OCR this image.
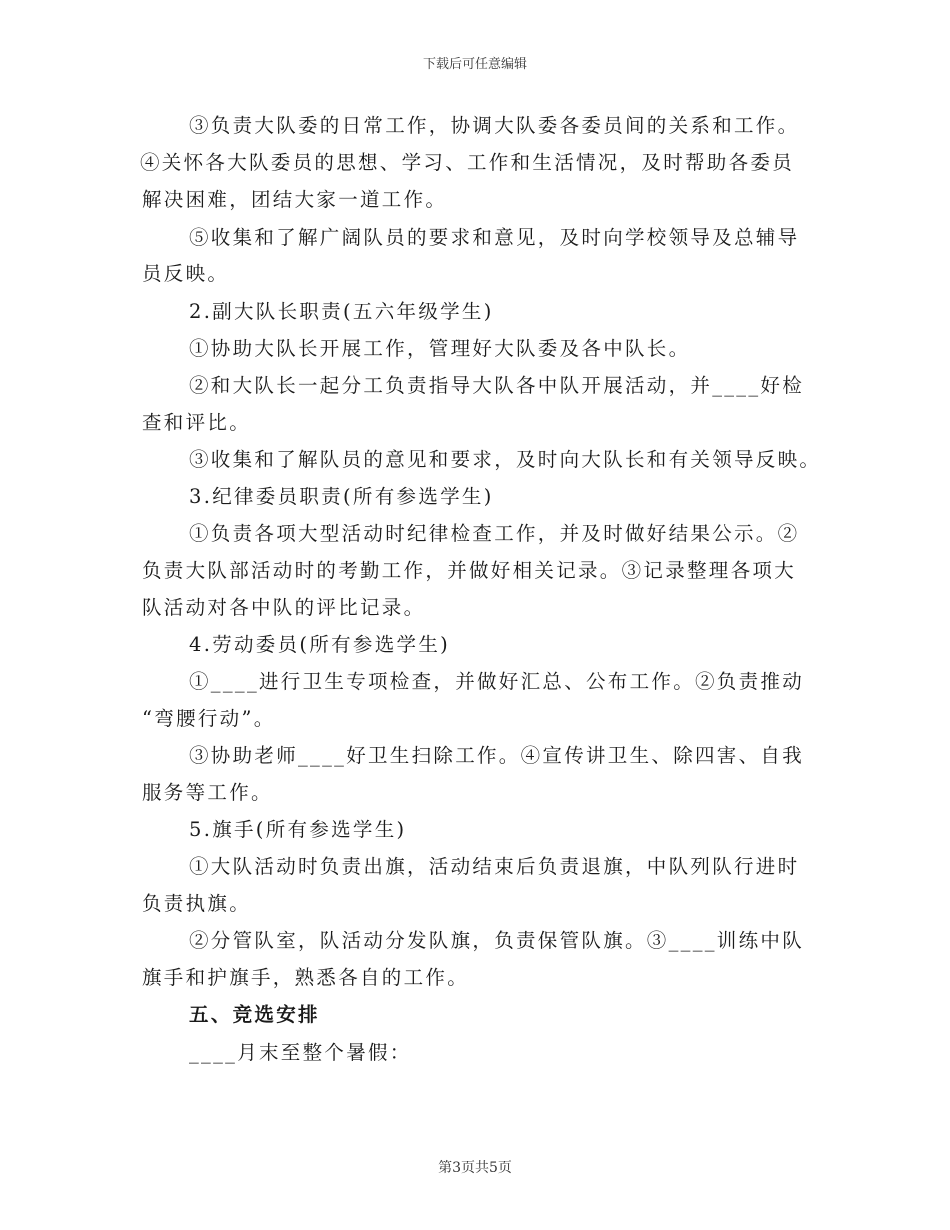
下载后可任意编辑
③负责大队委的日常工作，协调大队委各委员间的关系和工作。
④关怀各大队委员的思想、学习、工作和生活情况，及时帮助各委员
解决困难，团结大家一道工作。
⑤收集和了解广阔队员的要求和意见，及时向学校领导及总辅导
员反映。
2.副大队长职责(五六年级学生)
①协助大队长开展工作，管理好大队委及各中队长。
②和大队长一起分工负责指导大队各中队开展活动，并____好检
查和评比。
③收集和了解队员的意见和要求，及时向大队长和有关领导反映。
3.纪律委员职责(所有参选学生)
①负责各项大型活动时纪律检查工作，并及时做好结果公示。②
负责大队部活动时的考勤工作，并做好相关记录。③记录整理各项大
队活动对各中队的评比记录。
4.劳动委员(所有参选学生)
①____进行卫生专项检查，并做好汇总、公布工作。②负责推动
“弯腰行动”。
③协助老师____好卫生扫除工作。④宣传讲卫生、除四害、自我
服务等工作。
5.旗手(所有参选学生)
①大队活动时负责出旗，活动结束后负责退旗，中队列队行进时
负责执旗。
②分管队室，队活动分发队旗，负责保管队旗。③____训练中队
旗手和护旗手，熟悉各自的工作。
五、竞选安排
____月末至整个暑假：
第3页共5页
